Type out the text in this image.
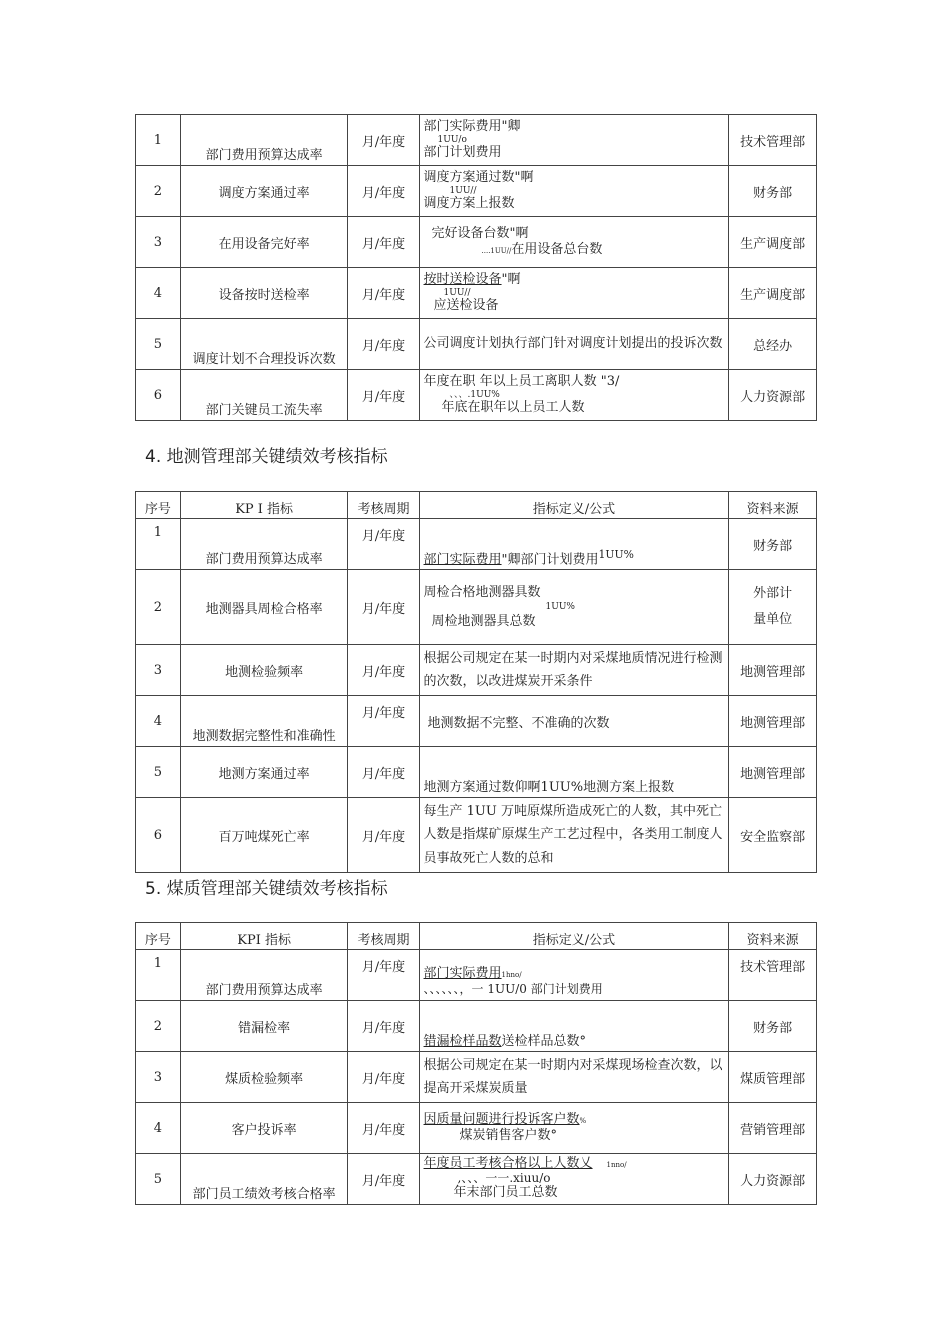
1	部门费用预算达成率	月/年度	部门实际费用"卿
1UU/o
部门计划费用	技术管理部
2	调度方案通过率	月/年度	调度方案通过数"啊
1UU//
调度方案上报数	财务部
3	在用设备完好率	月/年度	完好设备台数"啊
....1UU//在用设备总台数	生产调度部
4	设备按时送检率	月/年度	按时送检设备"啊
1UU//
应送检设备	生产调度部
5	调度计划不合理投诉次数	月/年度	公司调度计划执行部门针对调度计划提出的投诉次数	总经办
6	部门关键员工流失率	月/年度	年度在职 年以上员工离职人数 "3/
、、、.1UU%
年底在职年以上员工人数	人力资源部
4. 地测管理部关键绩效考核指标
序号	KP I 指标	考核周期	指标定义/公式	资料来源
1	部门费用预算达成率	月/年度	部门实际费用"卿部门计划费用$^{1UU\%}$	财务部
2	地测器具周检合格率	月/年度	周检合格地测器具数
1UU%
周检地测器具总数	外部计
量单位

3	地测检验频率	月/年度	根据公司规定在某一时期内对采煤地质情况进行检测的次数，以改进煤炭开采条件	地测管理部
4	地测数据完整性和准确性	月/年度	地测数据不完整、不准确的次数	地测管理部
5	地测方案通过率	月/年度	地测方案通过数仰啊1UU%地测方案上报数	地测管理部
6	百万吨煤死亡率	月/年度	每生产 1UU 万吨原煤所造成死亡的人数，其中死亡人数是指煤矿原煤生产工艺过程中，各类用工制度人员事故死亡人数的总和	安全监察部
5. 煤质管理部关键绩效考核指标
序号	KPI 指标	考核周期	指标定义/公式	资料来源
1	部门费用预算达成率	月/年度	部门实际费用1hno/
、、、、、、，一 1UU/0 部门计划费用	技术管理部
2	错漏检率	月/年度	错漏检样品数送检样品总数°	财务部
3	煤质检验频率	月/年度	根据公司规定在某一时期内对采煤现场检查次数，以提高开采煤炭质量	煤质管理部
4	客户投诉率	月/年度	因质量问题进行投诉客户数%
煤炭销售客户数°	营销管理部
5	部门员工绩效考核合格率	月/年度	年度员工考核合格以上人数乂 1nno/
,、、、一一.xiuu/o
年末部门员工总数	人力资源部
